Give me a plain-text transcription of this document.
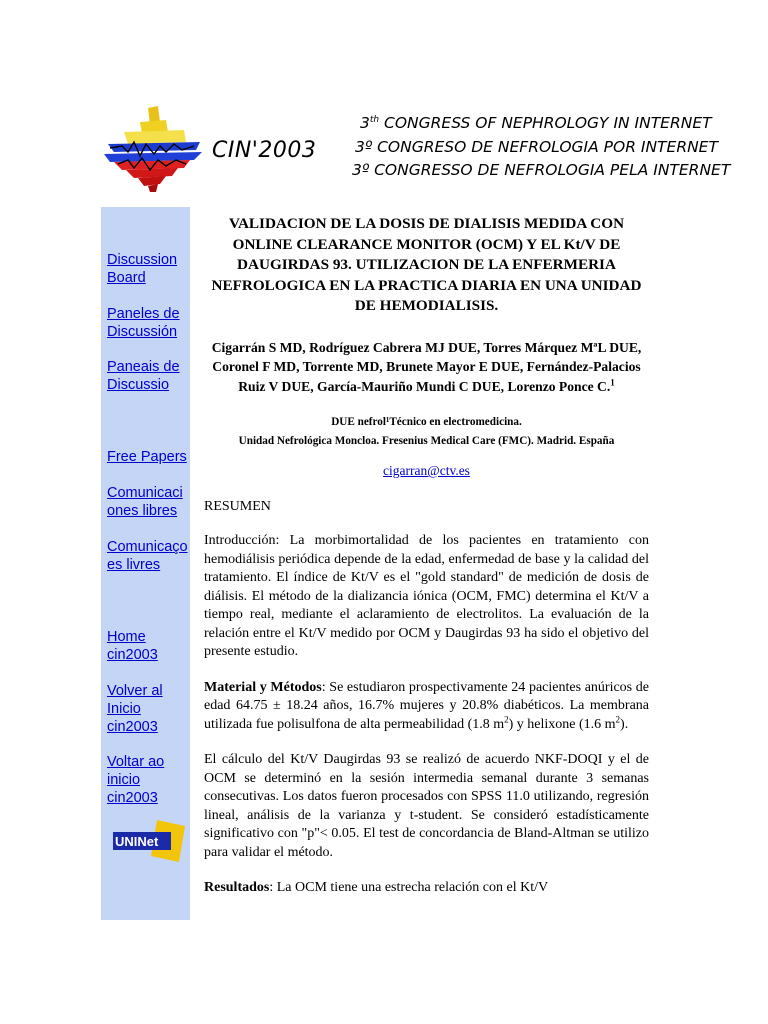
CIN'2003
3th CONGRESS OF NEPHROLOGY IN INTERNET
3º CONGRESO DE NEFROLOGIA POR INTERNET
3º CONGRESSO DE NEFROLOGIA PELA INTERNET
Discussion Board
Paneles de Discussión
Paneais de Discussio
Free Papers
Comunicaci ones libres
Comunicaço es livres
Home cin2003
Volver al Inicio cin2003
Voltar ao inicio cin2003
UNINet

VALIDACION DE LA DOSIS DE DIALISIS MEDIDA CON ONLINE CLEARANCE MONITOR (OCM) Y EL Kt/V DE DAUGIRDAS 93. UTILIZACION DE LA ENFERMERIA NEFROLOGICA EN LA PRACTICA DIARIA EN UNA UNIDAD DE HEMODIALISIS.

Cigarrán S MD, Rodríguez Cabrera MJ DUE, Torres Márquez MªL DUE, Coronel F MD, Torrente MD, Brunete Mayor E DUE, Fernández-Palacios Ruiz V DUE, García-Mauriño Mundi C DUE, Lorenzo Ponce C.$^1$

DUE nefrol¹Técnico en electromedicina.
Unidad Nefrológica Moncloa. Fresenius Medical Care (FMC). Madrid. España

cigarran@ctv.es

RESUMEN

Introducción: La morbimortalidad de los pacientes en tratamiento con hemodiálisis periódica depende de la edad, enfermedad de base y la calidad del tratamiento. El índice de Kt/V es el "gold standard" de medición de dosis de diálisis. El método de la dializancia iónica (OCM, FMC) determina el Kt/V a tiempo real, mediante el aclaramiento de electrolitos. La evaluación de la relación entre el Kt/V medido por OCM y Daugirdas 93 ha sido el objetivo del presente estudio.

Material y Métodos: Se estudiaron prospectivamente 24 pacientes anúricos de edad 64.75 ± 18.24 años, 16.7% mujeres y 20.8% diabéticos. La membrana utilizada fue polisulfona de alta permeabilidad (1.8 $m^2$) y helixone (1.6 $m^2$).

El cálculo del Kt/V Daugirdas 93 se realizó de acuerdo NKF-DOQI y el de OCM se determinó en la sesión intermedia semanal durante 3 semanas consecutivas. Los datos fueron procesados con SPSS 11.0 utilizando, regresión lineal, análisis de la varianza y t-student. Se consideró estadísticamente significativo con "p"< 0.05. El test de concordancia de Bland-Altman se utilizo para validar el método.

Resultados: La OCM tiene una estrecha relación con el Kt/V
